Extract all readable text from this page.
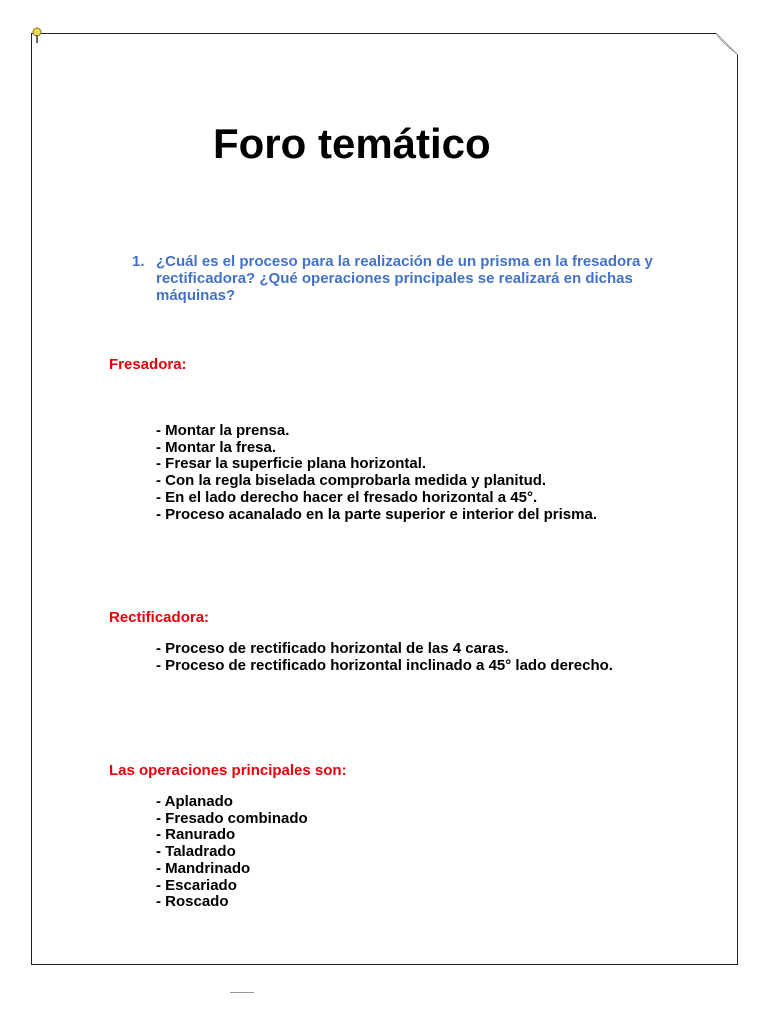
Foro temático
1. ¿Cuál es el proceso para la realización de un prisma en la fresadora y rectificadora? ¿Qué operaciones principales se realizará en dichas máquinas?
Fresadora:
- Montar la prensa.
- Montar la fresa.
- Fresar la superficie plana horizontal.
- Con la regla biselada comprobarla medida y planitud.
- En el lado derecho hacer el fresado horizontal a 45°.
- Proceso acanalado en la parte superior e interior del prisma.
Rectificadora:
- Proceso de rectificado horizontal de las 4 caras.
- Proceso de rectificado horizontal inclinado a 45° lado derecho.
Las operaciones principales son:
- Aplanado
- Fresado combinado
- Ranurado
- Taladrado
- Mandrinado
- Escariado
- Roscado
